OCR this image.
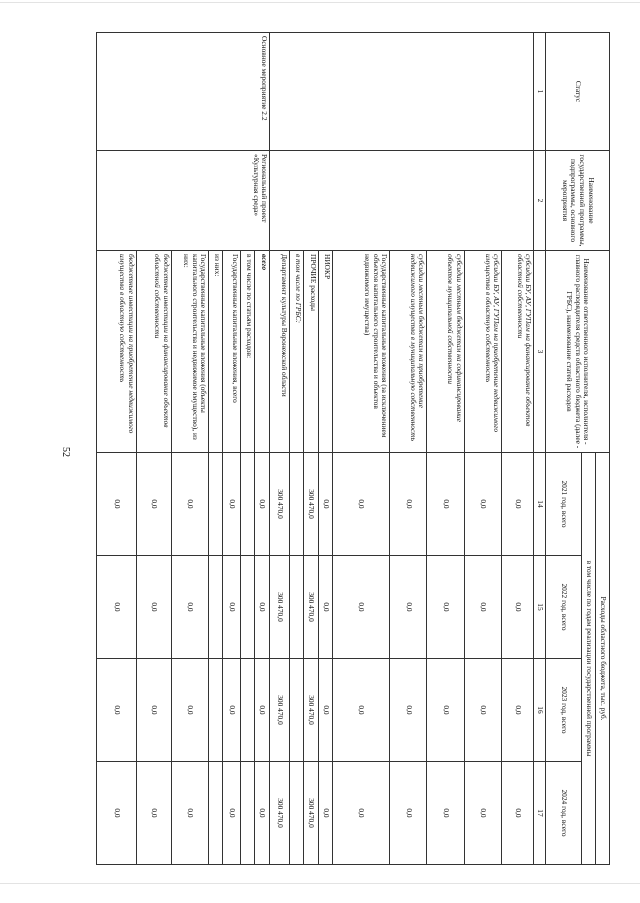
52
Статус	Наименование государственной программы, подпрограммы, основного мероприятия	Наименование ответственного исполнителя, исполнителя - главного распорядителя средств областного бюджета (далее - ГРБС), наименование статей расходов	Расходы областного бюджета, тыс. руб.			
			в том числе по годам реализации государственной программы			
			2021 год, всего	2022 год, всего	2023 год, всего	2024 год, всего
1	2	3	14	15	16	17
		субсидии БУ, АУ, ГУПам на финансирование объектов областной собственности	0,0	0,0	0,0	0,0
		субсидии БУ, АУ, ГУПам на приобретение недвижимого имущества в областную собственность	0,0	0,0	0,0	0,0
		субсидии местным бюджетам на софинансирование объектов муниципальной собственности	0,0	0,0	0,0	0,0
		субсидии местным бюджетам на приобретение недвижимого имущества в муниципальную собственность	0,0	0,0	0,0	0,0
		Государственные капитальные вложения (за исключением объектов капитального строительства и объектов недвижимого имущества)	0,0	0,0	0,0	0,0
		НИОКР	0,0	0,0	0,0	0,0
		ПРОЧИЕ расходы	300 470,0	300 470,0	300 470,0	300 470,0
		в том числе по ГРБС:				
		Департамент культуры Воронежской области	300 470,0	300 470,0	300 470,0	300 470,0
Основное мероприятие 2.2	Региональный проект «Культурная среда»	всего	0,0	0,0	0,0	0,0
		в том числе по статьям расходов:				
		Государственные капитальные вложения, всего	0,0	0,0	0,0	0,0
		из них:				
		Государственные капитальные вложения (объекты капитального строительства и недвижимое имущество), из них:	0,0	0,0	0,0	0,0
		бюджетные инвестиции на финансирование объектов областной собственности	0,0	0,0	0,0	0,0
		бюджетные инвестиции на приобретение недвижимого имущества в областную собственность	0,0	0,0	0,0	0,0
